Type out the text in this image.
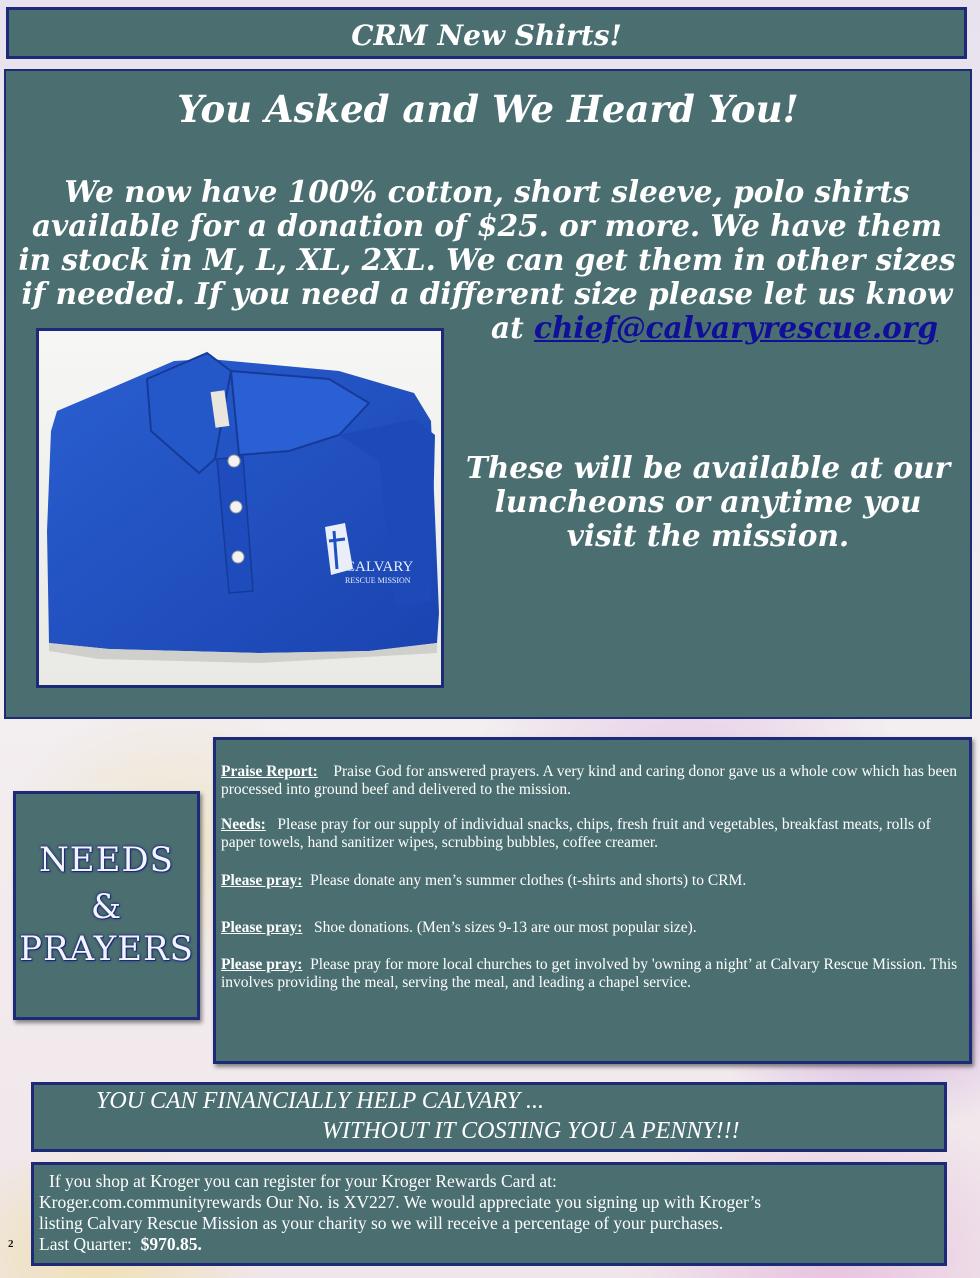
CRM New Shirts!
You Asked and We Heard You!
We now have 100% cotton, short sleeve, polo shirts
available for a donation of $25. or more. We have them
in stock in M, L, XL, 2XL. We can get them in other sizes
if needed. If you need a different size please let us know
at chief@calvaryrescue.org
CALVARY
RESCUE MISSION
These will be available at our
luncheons or anytime you
visit the mission.
NEEDS
&
PRAYERS
Praise Report: Praise God for answered prayers. A very kind and caring donor gave us a whole cow which has been processed into ground beef and delivered to the mission.
Needs: Please pray for our supply of individual snacks, chips, fresh fruit and vegetables, breakfast meats, rolls of paper towels, hand sanitizer wipes, scrubbing bubbles, coffee creamer.
Please pray: Please donate any men’s summer clothes (t-shirts and shorts) to CRM.
Please pray: Shoe donations. (Men’s sizes 9-13 are our most popular size).
Please pray: Please pray for more local churches to get involved by 'owning a night’ at Calvary Rescue Mission. This involves providing the meal, serving the meal, and leading a chapel service.
YOU CAN FINANCIALLY HELP CALVARY ...
WITHOUT IT COSTING YOU A PENNY!!!
If you shop at Kroger you can register for your Kroger Rewards Card at:
Kroger.com.communityrewards Our No. is XV227. We would appreciate you signing up with Kroger’s
listing Calvary Rescue Mission as your charity so we will receive a percentage of your purchases.
Last Quarter: $970.85.
2
